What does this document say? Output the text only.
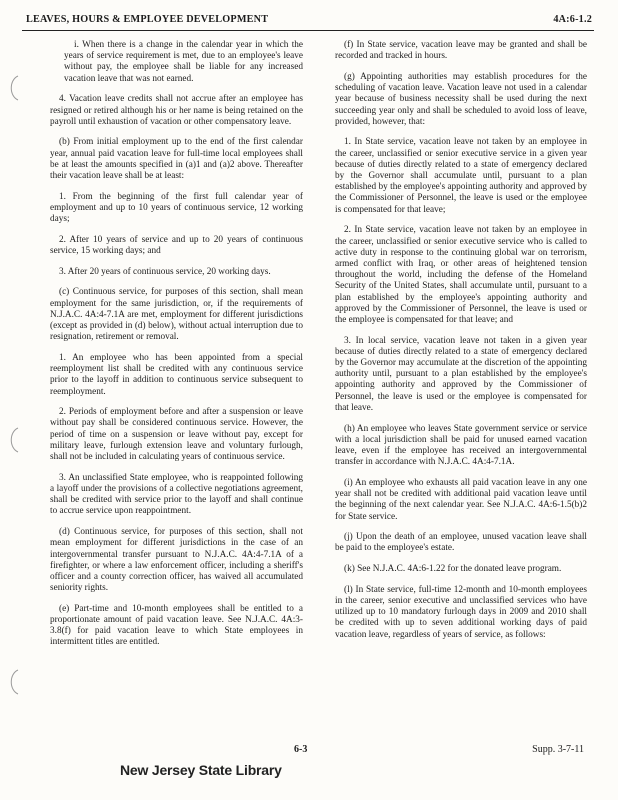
LEAVES, HOURS & EMPLOYEE DEVELOPMENT	4A:6-1.2

i. When there is a change in the calendar year in which the years of service requirement is met, due to an employee's leave without pay, the employee shall be liable for any increased vacation leave that was not earned.

4. Vacation leave credits shall not accrue after an employee has resigned or retired although his or her name is being retained on the payroll until exhaustion of vacation or other compensatory leave.

(b) From initial employment up to the end of the first calendar year, annual paid vacation leave for full-time local employees shall be at least the amounts specified in (a)1 and (a)2 above. Thereafter their vacation leave shall be at least:

1. From the beginning of the first full calendar year of employment and up to 10 years of continuous service, 12 working days;

2. After 10 years of service and up to 20 years of continuous service, 15 working days; and

3. After 20 years of continuous service, 20 working days.

(c) Continuous service, for purposes of this section, shall mean employment for the same jurisdiction, or, if the requirements of N.J.A.C. 4A:4-7.1A are met, employment for different jurisdictions (except as provided in (d) below), without actual interruption due to resignation, retirement or removal.

1. An employee who has been appointed from a special reemployment list shall be credited with any continuous service prior to the layoff in addition to continuous service subsequent to reemployment.

2. Periods of employment before and after a suspension or leave without pay shall be considered continuous service. However, the period of time on a suspension or leave without pay, except for military leave, furlough extension leave and voluntary furlough, shall not be included in calculating years of continuous service.

3. An unclassified State employee, who is reappointed following a layoff under the provisions of a collective negotiations agreement, shall be credited with service prior to the layoff and shall continue to accrue service upon reappointment.

(d) Continuous service, for purposes of this section, shall not mean employment for different jurisdictions in the case of an intergovernmental transfer pursuant to N.J.A.C. 4A:4-7.1A of a firefighter, or where a law enforcement officer, including a sheriff's officer and a county correction officer, has waived all accumulated seniority rights.

(e) Part-time and 10-month employees shall be entitled to a proportionate amount of paid vacation leave. See N.J.A.C. 4A:3-3.8(f) for paid vacation leave to which State employees in intermittent titles are entitled.

(f) In State service, vacation leave may be granted and shall be recorded and tracked in hours.

(g) Appointing authorities may establish procedures for the scheduling of vacation leave. Vacation leave not used in a calendar year because of business necessity shall be used during the next succeeding year only and shall be scheduled to avoid loss of leave, provided, however, that:

1. In State service, vacation leave not taken by an employee in the career, unclassified or senior executive service in a given year because of duties directly related to a state of emergency declared by the Governor shall accumulate until, pursuant to a plan established by the employee's appointing authority and approved by the Commissioner of Personnel, the leave is used or the employee is compensated for that leave;

2. In State service, vacation leave not taken by an employee in the career, unclassified or senior executive service who is called to active duty in response to the continuing global war on terrorism, armed conflict with Iraq, or other areas of heightened tension throughout the world, including the defense of the Homeland Security of the United States, shall accumulate until, pursuant to a plan established by the employee's appointing authority and approved by the Commissioner of Personnel, the leave is used or the employee is compensated for that leave; and

3. In local service, vacation leave not taken in a given year because of duties directly related to a state of emergency declared by the Governor may accumulate at the discretion of the appointing authority until, pursuant to a plan established by the employee's appointing authority and approved by the Commissioner of Personnel, the leave is used or the employee is compensated for that leave.

(h) An employee who leaves State government service or service with a local jurisdiction shall be paid for unused earned vacation leave, even if the employee has received an intergovernmental transfer in accordance with N.J.A.C. 4A:4-7.1A.

(i) An employee who exhausts all paid vacation leave in any one year shall not be credited with additional paid vacation leave until the beginning of the next calendar year. See N.J.A.C. 4A:6-1.5(b)2 for State service.

(j) Upon the death of an employee, unused vacation leave shall be paid to the employee's estate.

(k) See N.J.A.C. 4A:6-1.22 for the donated leave program.

(l) In State service, full-time 12-month and 10-month employees in the career, senior executive and unclassified services who have utilized up to 10 mandatory furlough days in 2009 and 2010 shall be credited with up to seven additional working days of paid vacation leave, regardless of years of service, as follows:

6-3	Supp. 3-7-11
New Jersey State Library
